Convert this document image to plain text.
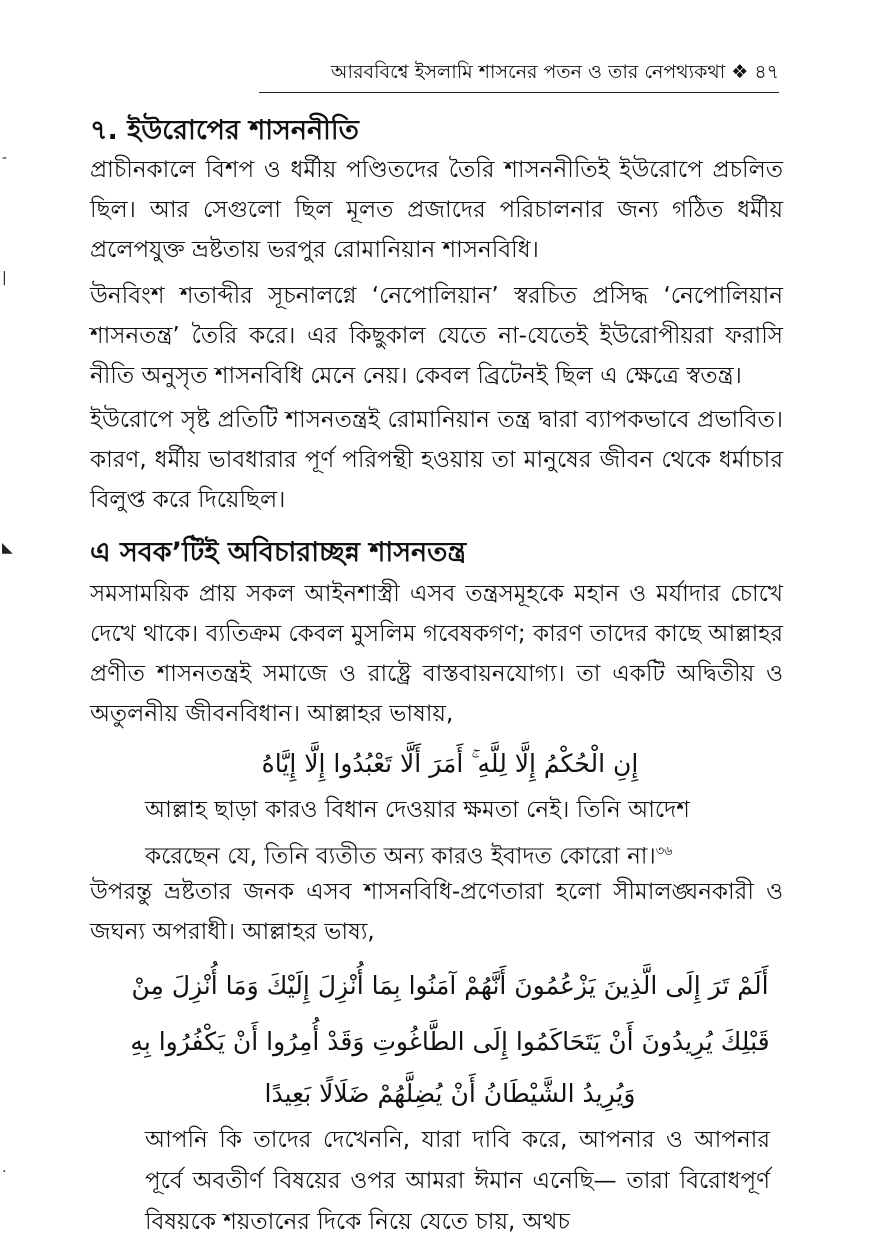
আরববিশ্বে ইসলামি শাসনের পতন ও তার নেপথ্যকথা ❖ ৪৭
৭. ইউরোপের শাসননীতি
প্রাচীনকালে বিশপ ও ধর্মীয় পণ্ডিতদের তৈরি শাসননীতিই ইউরোপে প্রচলিত ছিল। আর সেগুলো ছিল মূলত প্রজাদের পরিচালনার জন্য গঠিত ধর্মীয় প্রলেপযুক্ত ভ্রষ্টতায় ভরপুর রোমানিয়ান শাসনবিধি।
উনবিংশ শতাব্দীর সূচনালগ্নে ‘নেপোলিয়ান’ স্বরচিত প্রসিদ্ধ ‘নেপোলিয়ান শাসনতন্ত্র’ তৈরি করে। এর কিছুকাল যেতে না-যেতেই ইউরোপীয়রা ফরাসি নীতি অনুসৃত শাসনবিধি মেনে নেয়। কেবল ব্রিটেনই ছিল এ ক্ষেত্রে স্বতন্ত্র।
ইউরোপে সৃষ্ট প্রতিটি শাসনতন্ত্রই রোমানিয়ান তন্ত্র দ্বারা ব্যাপকভাবে প্রভাবিত। কারণ, ধর্মীয় ভাবধারার পূর্ণ পরিপন্থী হওয়ায় তা মানুষের জীবন থেকে ধর্মাচার বিলুপ্ত করে দিয়েছিল।
এ সবক’টিই অবিচারাচ্ছন্ন শাসনতন্ত্র
সমসাময়িক প্রায় সকল আইনশাস্ত্রী এসব তন্ত্রসমূহকে মহান ও মর্যাদার চোখে দেখে থাকে। ব্যতিক্রম কেবল মুসলিম গবেষকগণ; কারণ তাদের কাছে আল্লাহর প্রণীত শাসনতন্ত্রই সমাজে ও রাষ্ট্রে বাস্তবায়নযোগ্য। তা একটি অদ্বিতীয় ও অতুলনীয় জীবনবিধান। আল্লাহর ভাষায়,
إِنِ الْحُكْمُ إِلَّا لِلَّهِ ۚ أَمَرَ أَلَّا تَعْبُدُوا إِلَّا إِيَّاهُ
আল্লাহ ছাড়া কারও বিধান দেওয়ার ক্ষমতা নেই। তিনি আদেশ করেছেন যে, তিনি ব্যতীত অন্য কারও ইবাদত কোরো না।$^{৩৬}$
উপরন্তু ভ্রষ্টতার জনক এসব শাসনবিধি-প্রণেতারা হলো সীমালঙ্ঘনকারী ও জঘন্য অপরাধী। আল্লাহর ভাষ্য,
أَلَمْ تَرَ إِلَى الَّذِينَ يَزْعُمُونَ أَنَّهُمْ آمَنُوا بِمَا أُنْزِلَ إِلَيْكَ وَمَا أُنْزِلَ مِنْ
قَبْلِكَ يُرِيدُونَ أَنْ يَتَحَاكَمُوا إِلَى الطَّاغُوتِ وَقَدْ أُمِرُوا أَنْ يَكْفُرُوا بِهِ
وَيُرِيدُ الشَّيْطَانُ أَنْ يُضِلَّهُمْ ضَلَالًا بَعِيدًا
আপনি কি তাদের দেখেননি, যারা দাবি করে, আপনার ও আপনার পূর্বে অবতীর্ণ বিষয়ের ওপর আমরা ঈমান এনেছি— তারা বিরোধপূর্ণ বিষয়কে শয়তানের দিকে নিয়ে যেতে চায়, অথচ
-
|
◣
.
